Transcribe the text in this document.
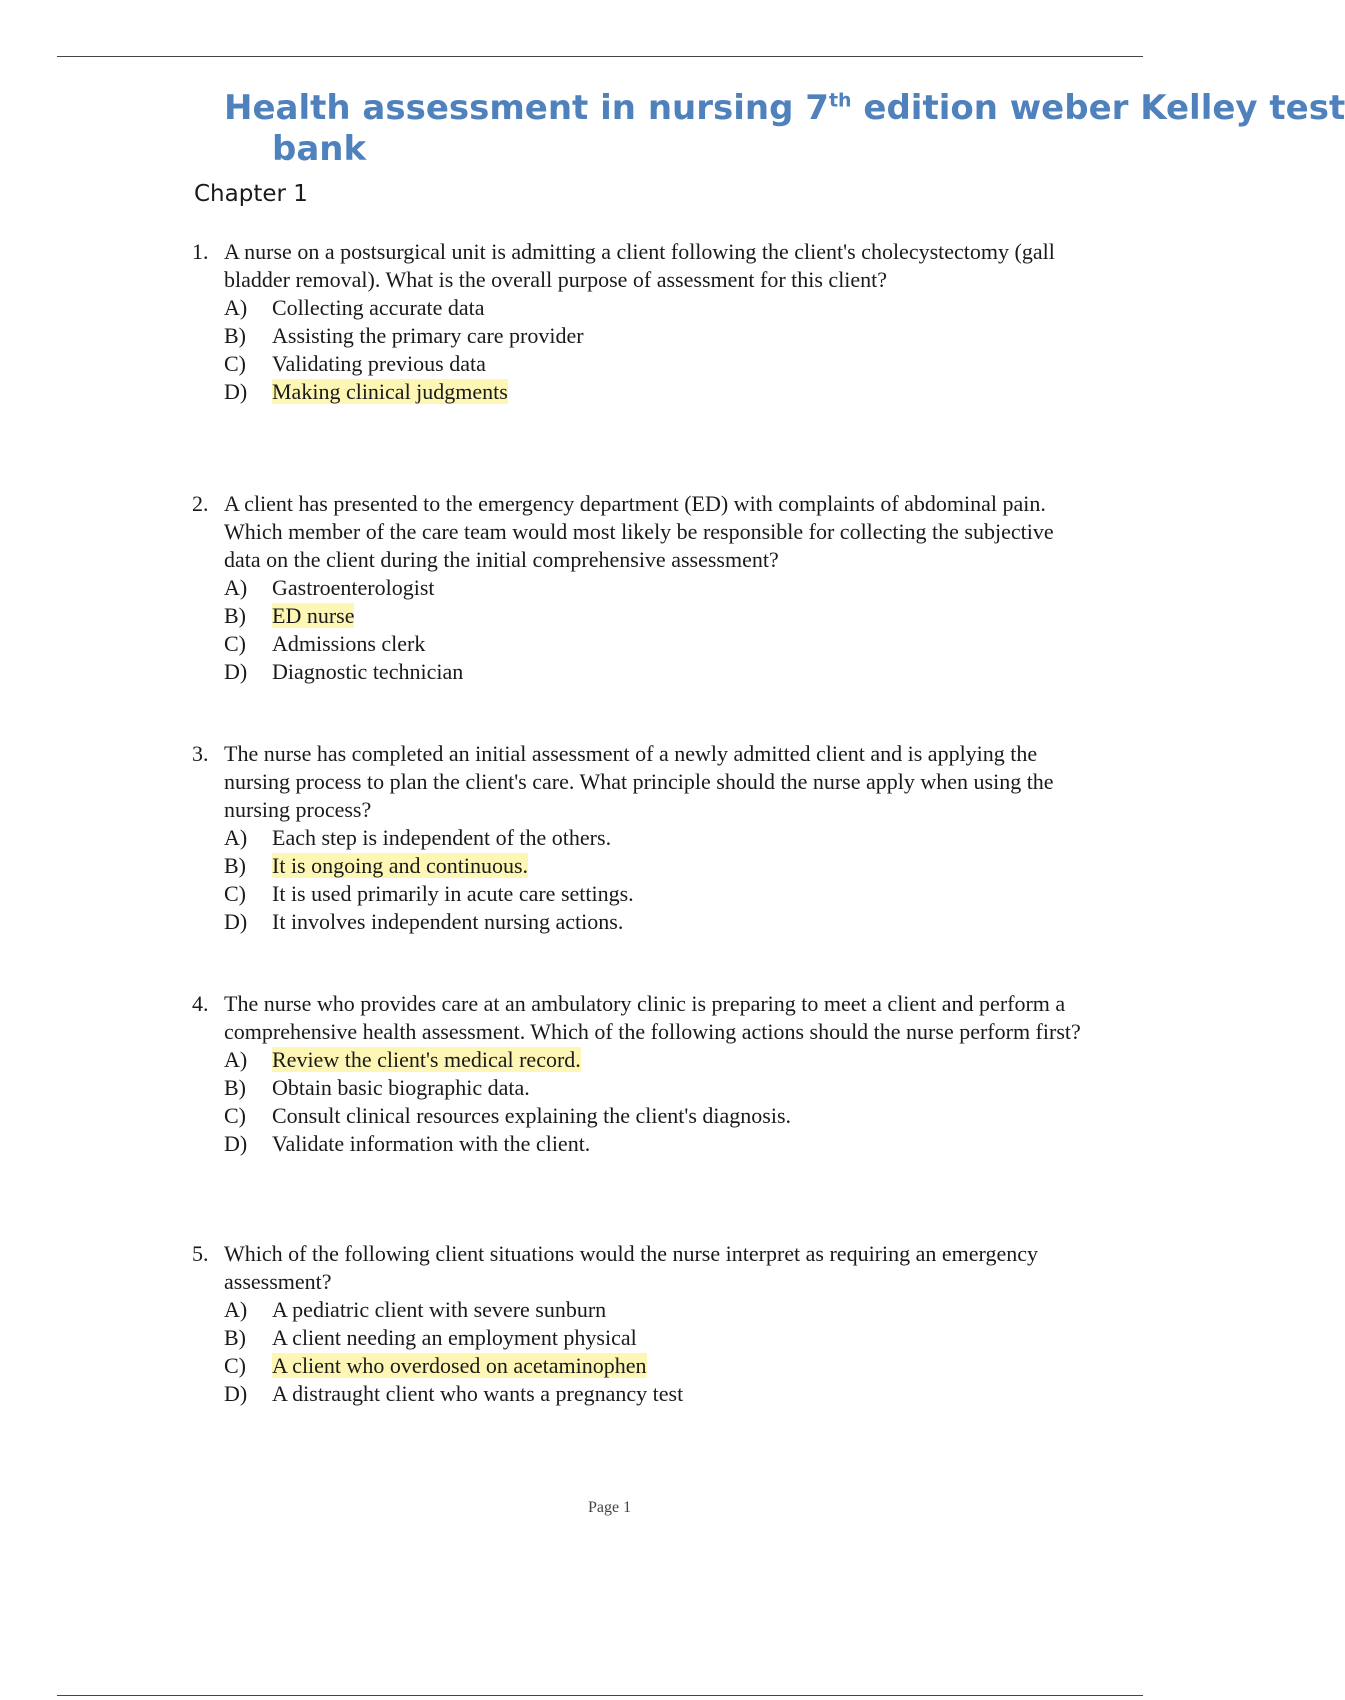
Health assessment in nursing 7th edition weber Kelley test
bank
Chapter 1
1. A nurse on a postsurgical unit is admitting a client following the client's cholecystectomy (gall bladder removal). What is the overall purpose of assessment for this client?
A) Collecting accurate data
B) Assisting the primary care provider
C) Validating previous data
D) Making clinical judgments
2. A client has presented to the emergency department (ED) with complaints of abdominal pain. Which member of the care team would most likely be responsible for collecting the subjective data on the client during the initial comprehensive assessment?
A) Gastroenterologist
B) ED nurse
C) Admissions clerk
D) Diagnostic technician
3. The nurse has completed an initial assessment of a newly admitted client and is applying the nursing process to plan the client's care. What principle should the nurse apply when using the nursing process?
A) Each step is independent of the others.
B) It is ongoing and continuous.
C) It is used primarily in acute care settings.
D) It involves independent nursing actions.
4. The nurse who provides care at an ambulatory clinic is preparing to meet a client and perform a comprehensive health assessment. Which of the following actions should the nurse perform first?
A) Review the client's medical record.
B) Obtain basic biographic data.
C) Consult clinical resources explaining the client's diagnosis.
D) Validate information with the client.
5. Which of the following client situations would the nurse interpret as requiring an emergency assessment?
A) A pediatric client with severe sunburn
B) A client needing an employment physical
C) A client who overdosed on acetaminophen
D) A distraught client who wants a pregnancy test
Page 1
